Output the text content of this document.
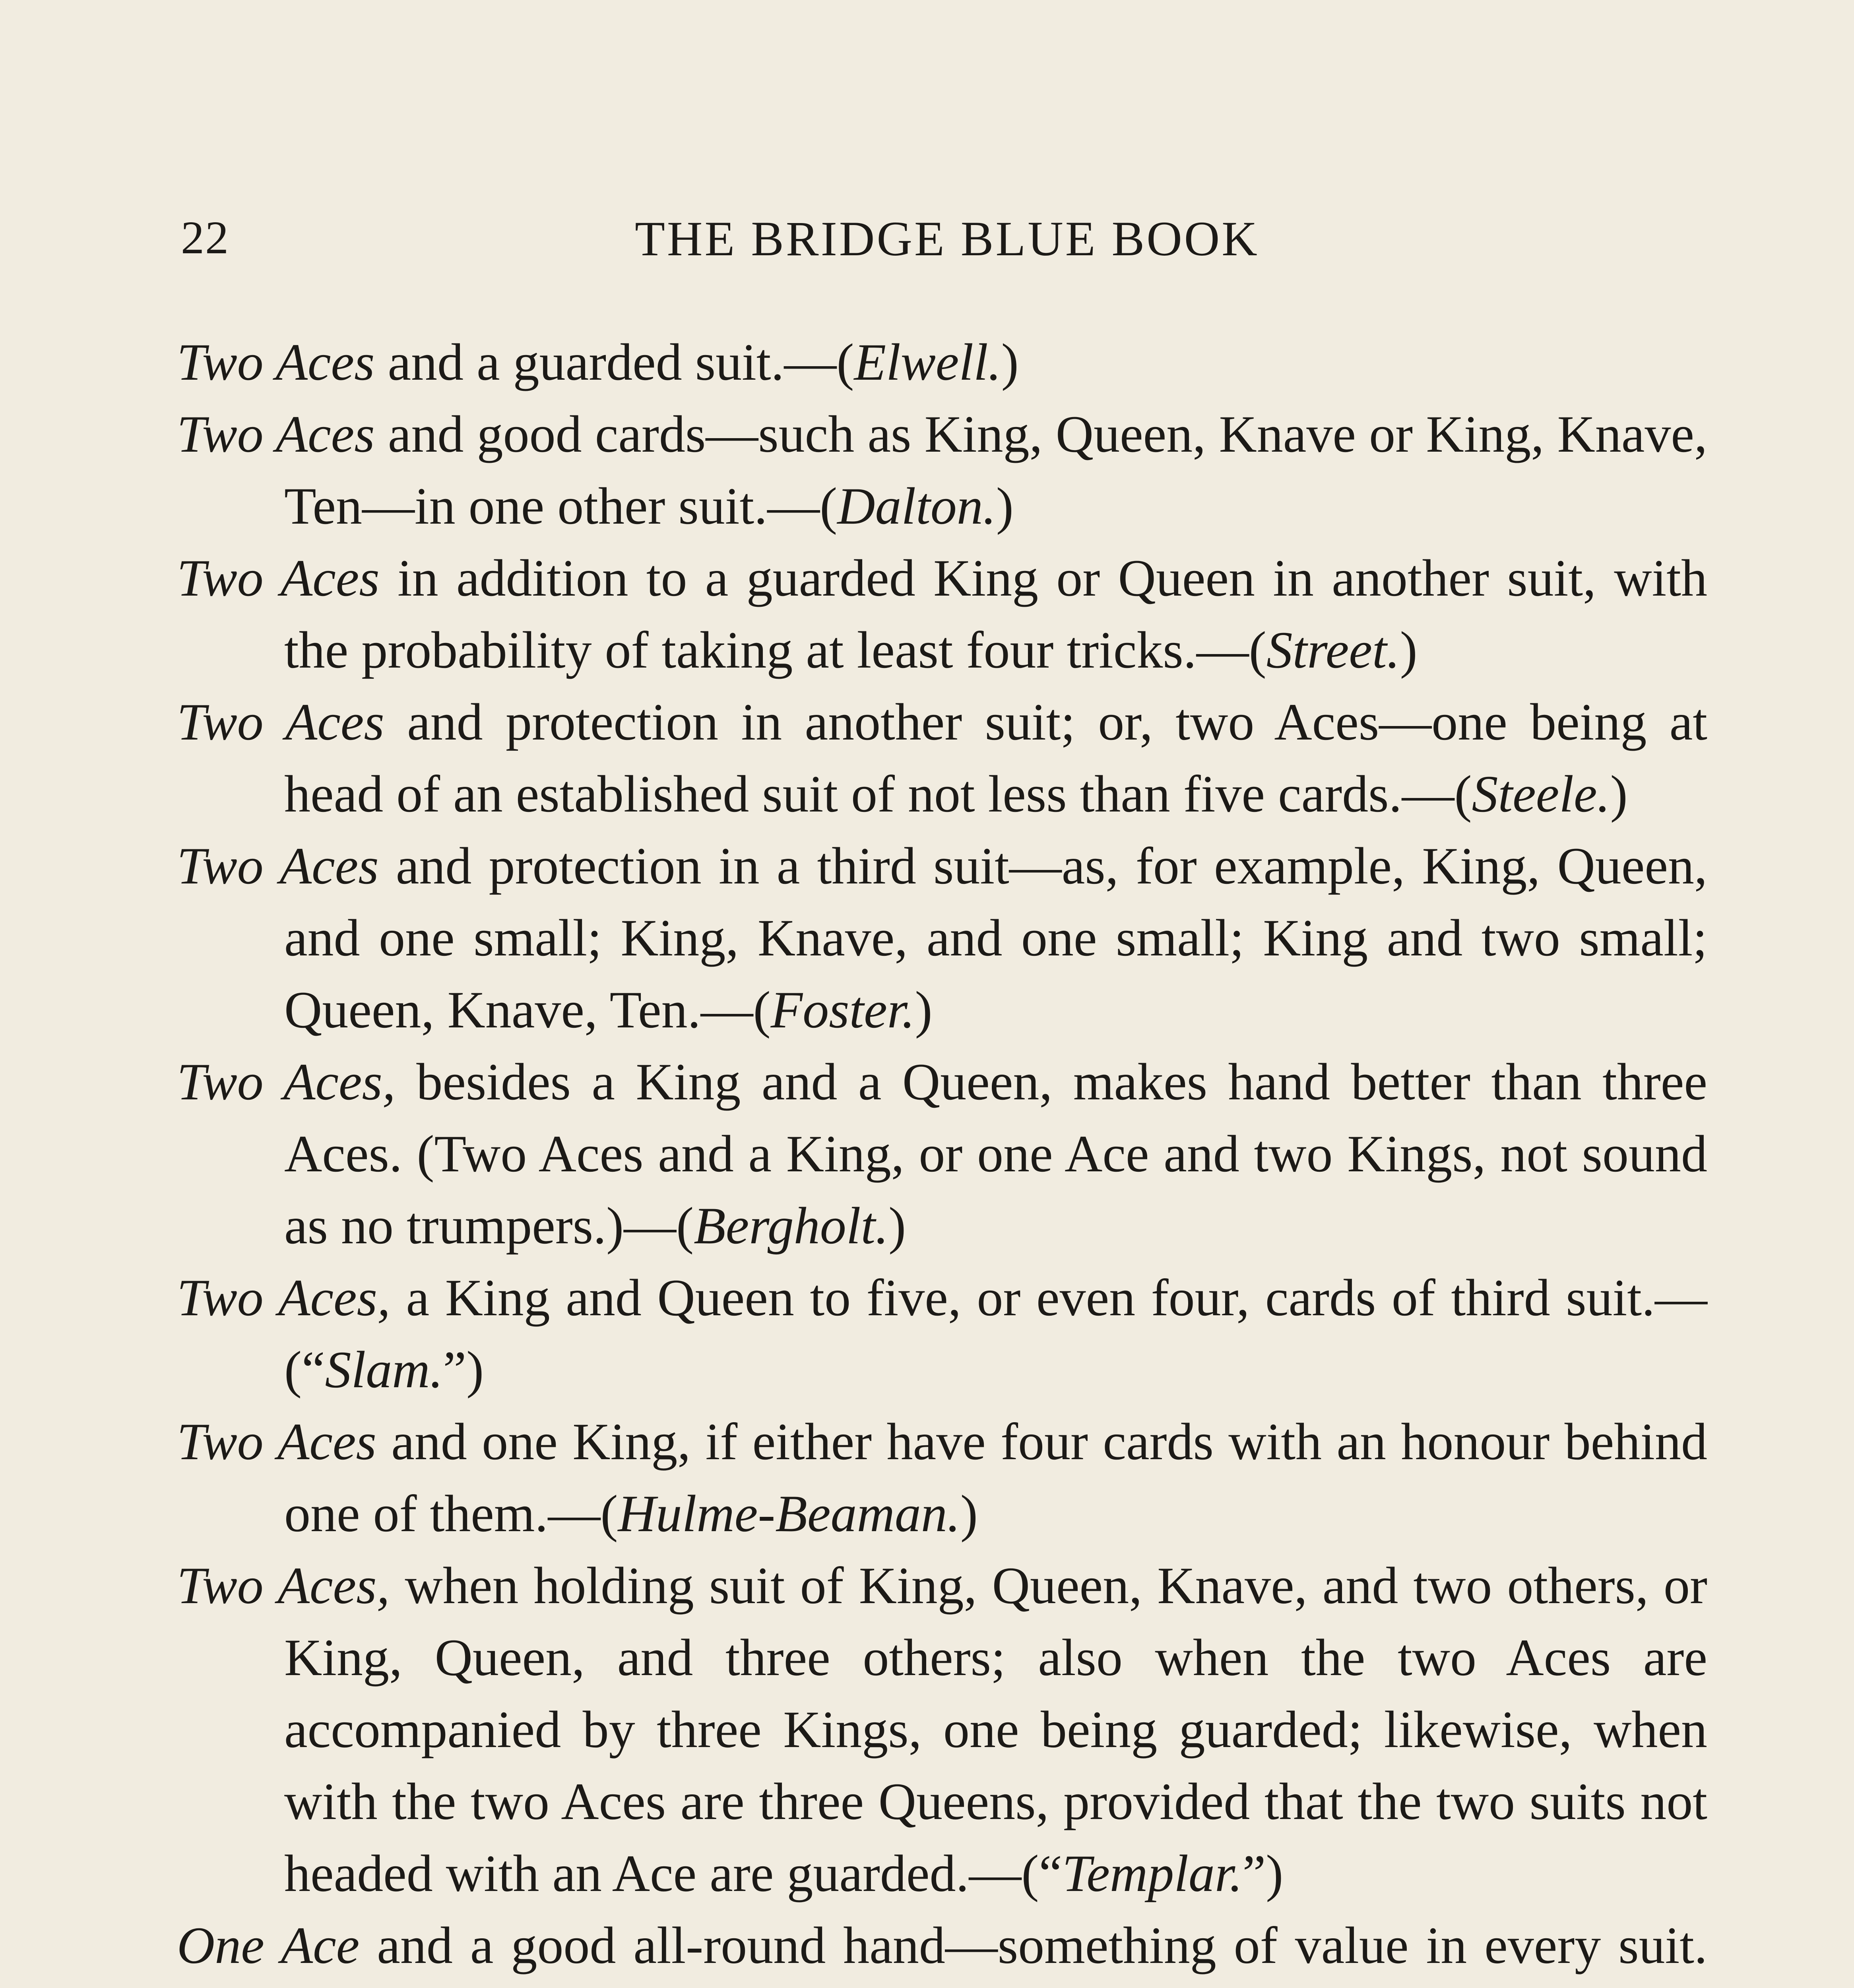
22	THE BRIDGE BLUE BOOK

Two Aces and a guarded suit.—(Elwell.)

Two Aces and good cards—such as King, Queen, Knave or King, Knave, Ten—in one other suit.—(Dalton.)

Two Aces in addition to a guarded King or Queen in another suit, with the probability of taking at least four tricks.—(Street.)

Two Aces and protection in another suit; or, two Aces—one being at head of an established suit of not less than five cards.—(Steele.)

Two Aces and protection in a third suit—as, for example, King, Queen, and one small; King, Knave, and one small; King and two small; Queen, Knave, Ten.—(Foster.)

Two Aces, besides a King and a Queen, makes hand better than three Aces. (Two Aces and a King, or one Ace and two Kings, not sound as no trumpers.)—(Bergholt.)

Two Aces, a King and Queen to five, or even four, cards of third suit.—(“Slam.”)

Two Aces and one King, if either have four cards with an honour behind one of them.—(Hulme-Beaman.)

Two Aces, when holding suit of King, Queen, Knave, and two others, or King, Queen, and three others; also when the two Aces are accompanied by three Kings, one being guarded; likewise, when with the two Aces are three Queens, provided that the two suits not headed with an Ace are guarded.—(“Templar.”)

One Ace and a good all-round hand—something of value in every suit.
